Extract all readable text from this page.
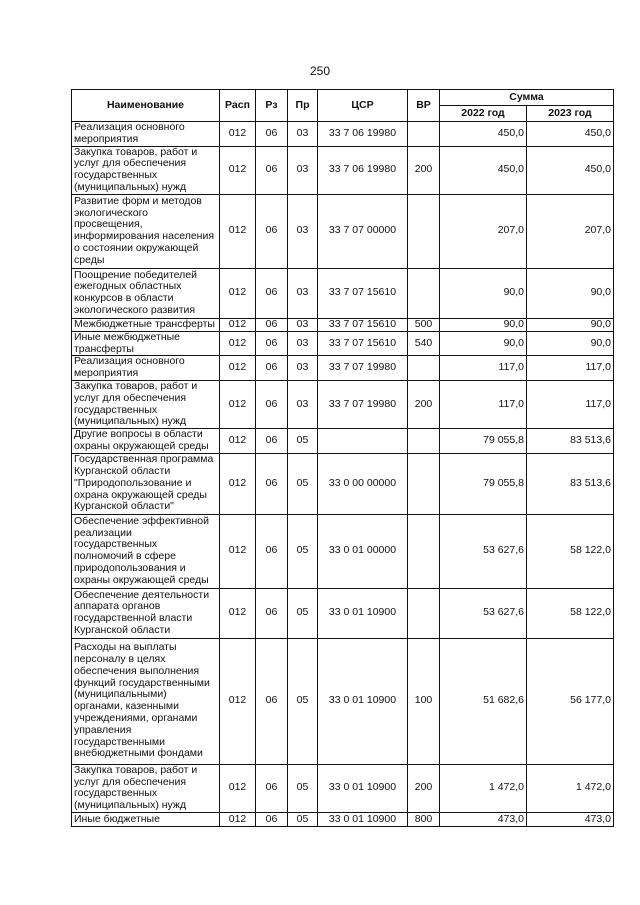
250
Наименование	Расп	Рз	Пр	ЦСР	ВР	Сумма	
						2022 год	2023 год
Реализация основного мероприятия	012	06	03	33 7 06 19980		450,0	450,0
Закупка товаров, работ и услуг для обеспечения государственных (муниципальных) нужд	012	06	03	33 7 06 19980	200	450,0	450,0
Развитие форм и методов экологического просвещения, информирования населения о состоянии окружающей среды	012	06	03	33 7 07 00000		207,0	207,0
Поощрение победителей ежегодных областных конкурсов в области экологического развития	012	06	03	33 7 07 15610		90,0	90,0
Межбюджетные трансферты	012	06	03	33 7 07 15610	500	90,0	90,0
Иные межбюджетные трансферты	012	06	03	33 7 07 15610	540	90,0	90,0
Реализация основного мероприятия	012	06	03	33 7 07 19980		117,0	117,0
Закупка товаров, работ и услуг для обеспечения государственных (муниципальных) нужд	012	06	03	33 7 07 19980	200	117,0	117,0
Другие вопросы в области охраны окружающей среды	012	06	05			79 055,8	83 513,6
Государственная программа Курганской области "Природопользование и охрана окружающей среды Курганской области"	012	06	05	33 0 00 00000		79 055,8	83 513,6
Обеспечение эффективной реализации государственных полномочий в сфере природопользования и охраны окружающей среды	012	06	05	33 0 01 00000		53 627,6	58 122,0
Обеспечение деятельности аппарата органов государственной власти Курганской области	012	06	05	33 0 01 10900		53 627,6	58 122,0
Расходы на выплаты персоналу в целях обеспечения выполнения функций государственными (муниципальными) органами, казенными учреждениями, органами управления государственными внебюджетными фондами	012	06	05	33 0 01 10900	100	51 682,6	56 177,0
Закупка товаров, работ и услуг для обеспечения государственных (муниципальных) нужд	012	06	05	33 0 01 10900	200	1 472,0	1 472,0
Иные бюджетные	012	06	05	33 0 01 10900	800	473,0	473,0
